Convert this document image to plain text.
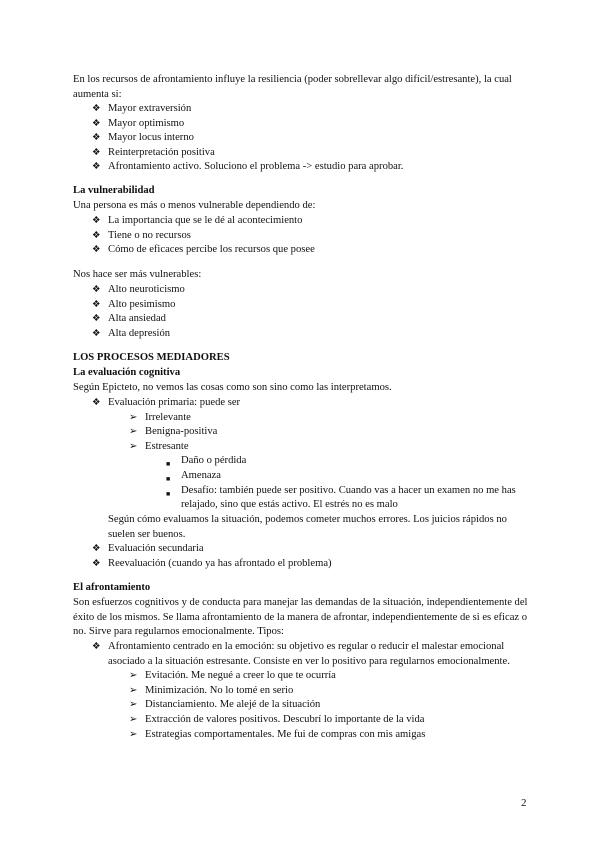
En los recursos de afrontamiento influye la resiliencia (poder sobrellevar algo difícil/estresante), la cual aumenta si:

❖ Mayor extraversión
❖ Mayor optimismo
❖ Mayor locus interno
❖ Reinterpretación positiva
❖ Afrontamiento activo. Soluciono el problema -> estudio para aprobar.

La vulnerabilidad

Una persona es más o menos vulnerable dependiendo de:

❖ La importancia que se le dé al acontecimiento
❖ Tiene o no recursos
❖ Cómo de eficaces percibe los recursos que posee

Nos hace ser más vulnerables:

❖ Alto neuroticismo
❖ Alto pesimismo
❖ Alta ansiedad
❖ Alta depresión

LOS PROCESOS MEDIADORES

La evaluación cognitiva

Según Epicteto, no vemos las cosas como son sino como las interpretamos.

❖ Evaluación primaria: puede ser
➢ Irrelevante
➢ Benigna-positiva
➢ Estresante
■ Daño o pérdida
■ Amenaza
■ Desafío: también puede ser positivo. Cuando vas a hacer un examen no me has relajado, sino que estás activo. El estrés no es malo

Según cómo evaluamos la situación, podemos cometer muchos errores. Los juicios rápidos no suelen ser buenos.

❖ Evaluación secundaria
❖ Reevaluación (cuando ya has afrontado el problema)

El afrontamiento

Son esfuerzos cognitivos y de conducta para manejar las demandas de la situación, independientemente del éxito de los mismos. Se llama afrontamiento de la manera de afrontar, independientemente de si es eficaz o no. Sirve para regularnos emocionalmente. Tipos:

❖ Afrontamiento centrado en la emoción: su objetivo es regular o reducir el malestar emocional asociado a la situación estresante. Consiste en ver lo positivo para regularnos emocionalmente.
➢ Evitación. Me negué a creer lo que te ocurría
➢ Minimización. No lo tomé en serio
➢ Distanciamiento. Me alejé de la situación
➢ Extracción de valores positivos. Descubrí lo importante de la vida
➢ Estrategias comportamentales. Me fui de compras con mis amigas
2
